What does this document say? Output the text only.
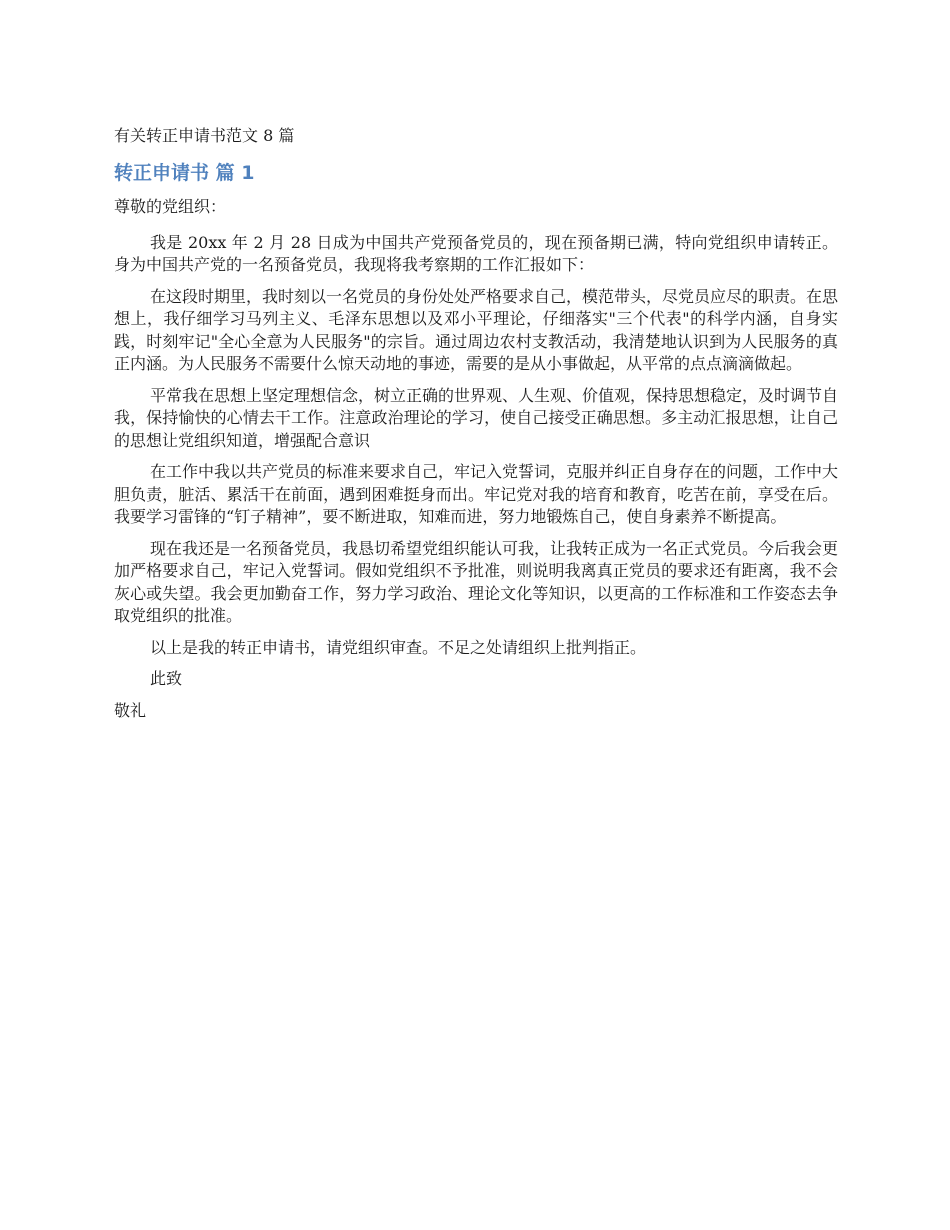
有关转正申请书范文 8 篇
转正申请书 篇 1

尊敬的党组织：

我是 20xx 年 2 月 28 日成为中国共产党预备党员的，现在预备期已满，特向党组织申请转正。 身为中国共产党的一名预备党员，我现将我考察期的工作汇报如下：

在这段时期里，我时刻以一名党员的身份处处严格要求自己，模范带头，尽党员应尽的职责。在思想上，我仔细学习马列主义、毛泽东思想以及邓小平理论，仔细落实"三个代表"的科学内涵，自身实践，时刻牢记"全心全意为人民服务"的宗旨。通过周边农村支教活动，我清楚地认识到为人民服务的真正内涵。为人民服务不需要什么惊天动地的事迹，需要的是从小事做起，从平常的点点滴滴做起。

平常我在思想上坚定理想信念，树立正确的世界观、人生观、价值观，保持思想稳定，及时调节自我，保持愉快的心情去干工作。注意政治理论的学习，使自己接受正确思想。多主动汇报思想，让自己的思想让党组织知道，增强配合意识

在工作中我以共产党员的标准来要求自己，牢记入党誓词，克服并纠正自身存在的问题，工作中大胆负责，脏活、累活干在前面，遇到困难挺身而出。牢记党对我的培育和教育，吃苦在前，享受在后。我要学习雷锋的“钉子精神”，要不断进取，知难而进，努力地锻炼自己，使自身素养不断提高。

现在我还是一名预备党员，我恳切希望党组织能认可我，让我转正成为一名正式党员。今后我会更加严格要求自己，牢记入党誓词。假如党组织不予批准，则说明我离真正党员的要求还有距离，我不会灰心或失望。我会更加勤奋工作，努力学习政治、理论文化等知识，以更高的工作标准和工作姿态去争取党组织的批准。

以上是我的转正申请书，请党组织审查。不足之处请组织上批判指正。

此致

敬礼
